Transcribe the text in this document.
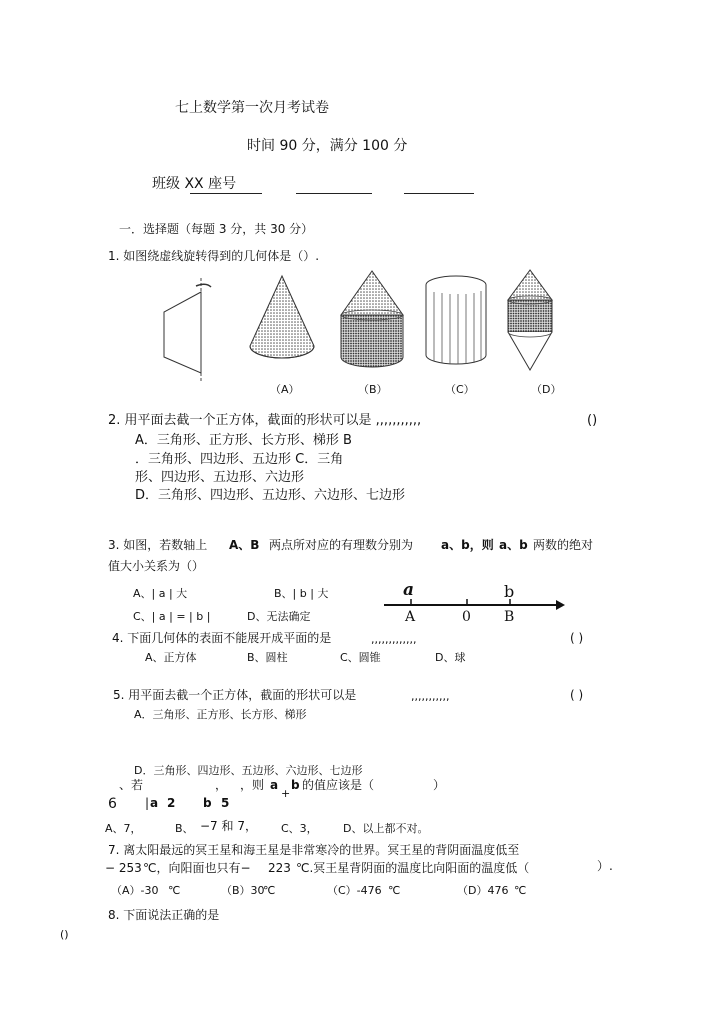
七上数学第一次月考试卷
时间 90 分，满分 100 分
班级 XX 座号
一．选择题（每题 3 分，共 30 分）
1. 如图绕虚线旋转得到的几何体是（）.
（A）	（B）	（C）	（D）
2. 用平面去截一个正方体，截面的形状可以是 ,,,,,,,,,,,	()
A．三角形、正方形、长方形、梯形 B
．三角形、四边形、五边形 C．三角
形、四边形、五边形、六边形
D．三角形、四边形、五边形、六边形、七边形
3. 如图，若数轴上 A、B 两点所对应的有理数分别为 a、b，则 a、b 两数的绝对
值大小关系为（）
A、| a | 大	B、| b | 大
C、| a | = | b |	D、无法确定
a	b
A	0 B
4. 下面几何体的表面不能展开成平面的是	,,,,,,,,,,,,,	( )
A、正方体	B、圆柱	C、圆锥	D、球
5. 用平面去截一个正方体，截面的形状可以是	,,,,,,,,,,,	( )
A．三角形、正方形、长方形、梯形
D．三角形、四边形、五边形、六边形、七边形
、若	， ，则 a b 的值应该是（	）
6 | a 2 b 5
+
A、7，	B、 −7 和 7， C、3， D、以上都不对。
7. 离太阳最远的冥王星和海王星是非常寒冷的世界。冥王星的背阴面温度低至
− 253 ℃，向阳面也只有− 223 ℃.冥王星背阴面的温度比向阳面的温度低（	）.
（A）-30 ℃	（B）30
℃	（C）-476 ℃	（D）476 ℃
8. 下面说法正确的是
()
